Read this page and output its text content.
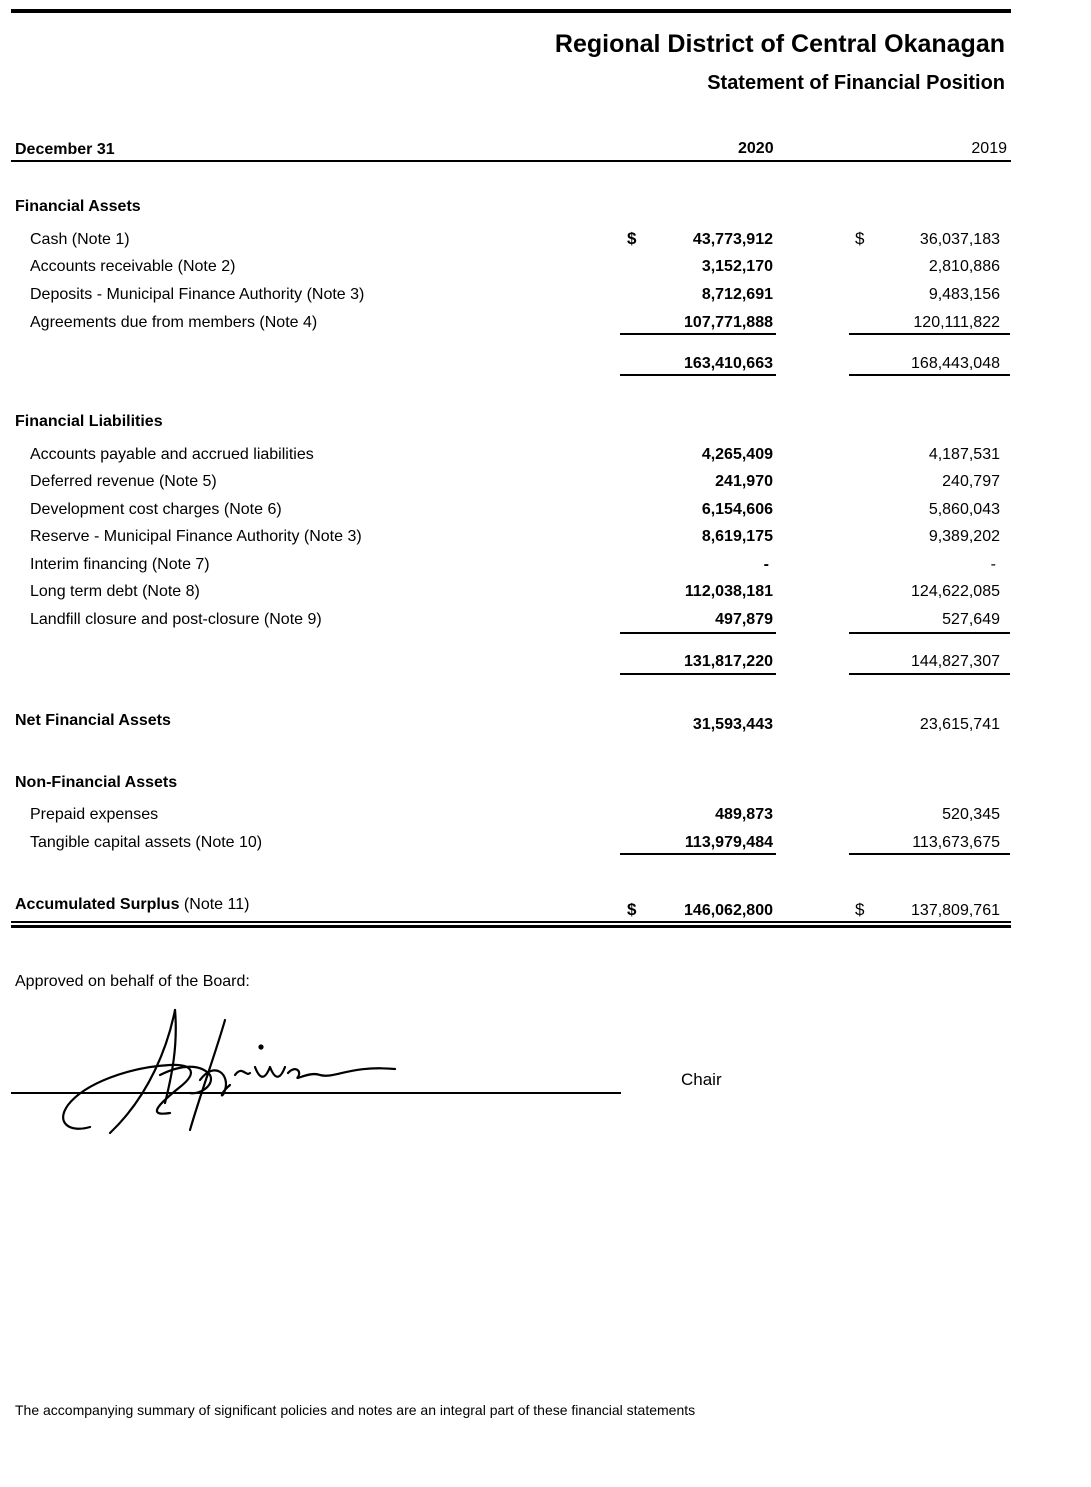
Regional District of Central Okanagan
Statement of Financial Position
December 31	2020	2019
Financial Assets
Cash (Note 1)	$	43,773,912	$	36,037,183
Accounts receivable (Note 2)	3,152,170	2,810,886
Deposits - Municipal Finance Authority (Note 3)	8,712,691	9,483,156
Agreements due from members (Note 4)	107,771,888	120,111,822
163,410,663	168,443,048
Financial Liabilities
Accounts payable and accrued liabilities	4,265,409	4,187,531
Deferred revenue (Note 5)	241,970	240,797
Development cost charges (Note 6)	6,154,606	5,860,043
Reserve - Municipal Finance Authority (Note 3)	8,619,175	9,389,202
Interim financing (Note 7)	-	-
Long term debt (Note 8)	112,038,181	124,622,085
Landfill closure and post-closure (Note 9)	497,879	527,649
131,817,220	144,827,307
Net Financial Assets	31,593,443	23,615,741
Non-Financial Assets
Prepaid expenses	489,873	520,345
Tangible capital assets (Note 10)	113,979,484	113,673,675
Accumulated Surplus (Note 11)	$	146,062,800	$	137,809,761
Approved on behalf of the Board:
Chair
The accompanying summary of significant policies and notes are an integral part of these financial statements
